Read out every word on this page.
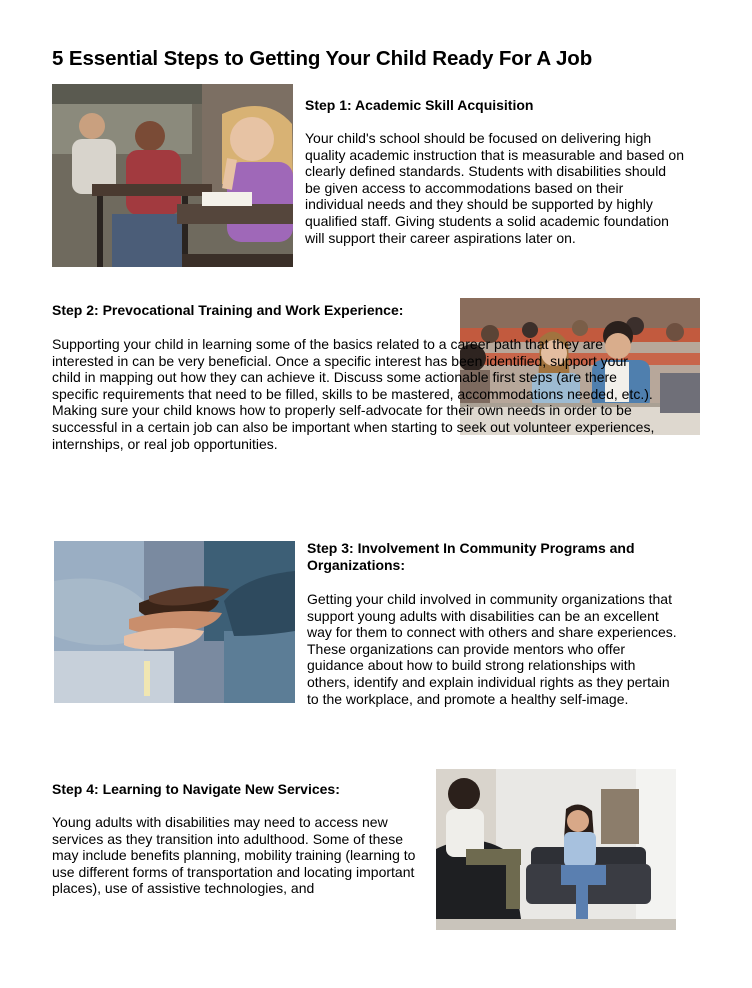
5 Essential Steps to Getting Your Child Ready For A Job
Step 1: Academic Skill Acquisition

Your child's school should be focused on delivering high quality academic instruction that is measurable and based on clearly defined standards. Students with disabilities should be given access to accommodations based on their individual needs and they should be supported by highly qualified staff. Giving students a solid academic foundation will support their career aspirations later on.

Step 2: Prevocational Training and Work Experience:

Supporting your child in learning some of the basics related to a career path that they are interested in can be very beneficial. Once a specific interest has been identified, support your child in mapping out how they can achieve it. Discuss some actionable first steps (are there specific requirements that need to be filled, skills to be mastered, accommodations needed, etc.). Making sure your child knows how to properly self-advocate for their own needs in order to be successful in a certain job can also be important when starting to seek out volunteer experiences, internships, or real job opportunities.

Step 3: Involvement In Community Programs and Organizations:

Getting your child involved in community organizations that support young adults with disabilities can be an excellent way for them to connect with others and share experiences. These organizations can provide mentors who offer guidance about how to build strong relationships with others, identify and explain individual rights as they pertain to the workplace, and promote a healthy self-image.

Step 4: Learning to Navigate New Services:

Young adults with disabilities may need to access new services as they transition into adulthood. Some of these may include benefits planning, mobility training (learning to use different forms of transportation and locating important places), use of assistive technologies, and
